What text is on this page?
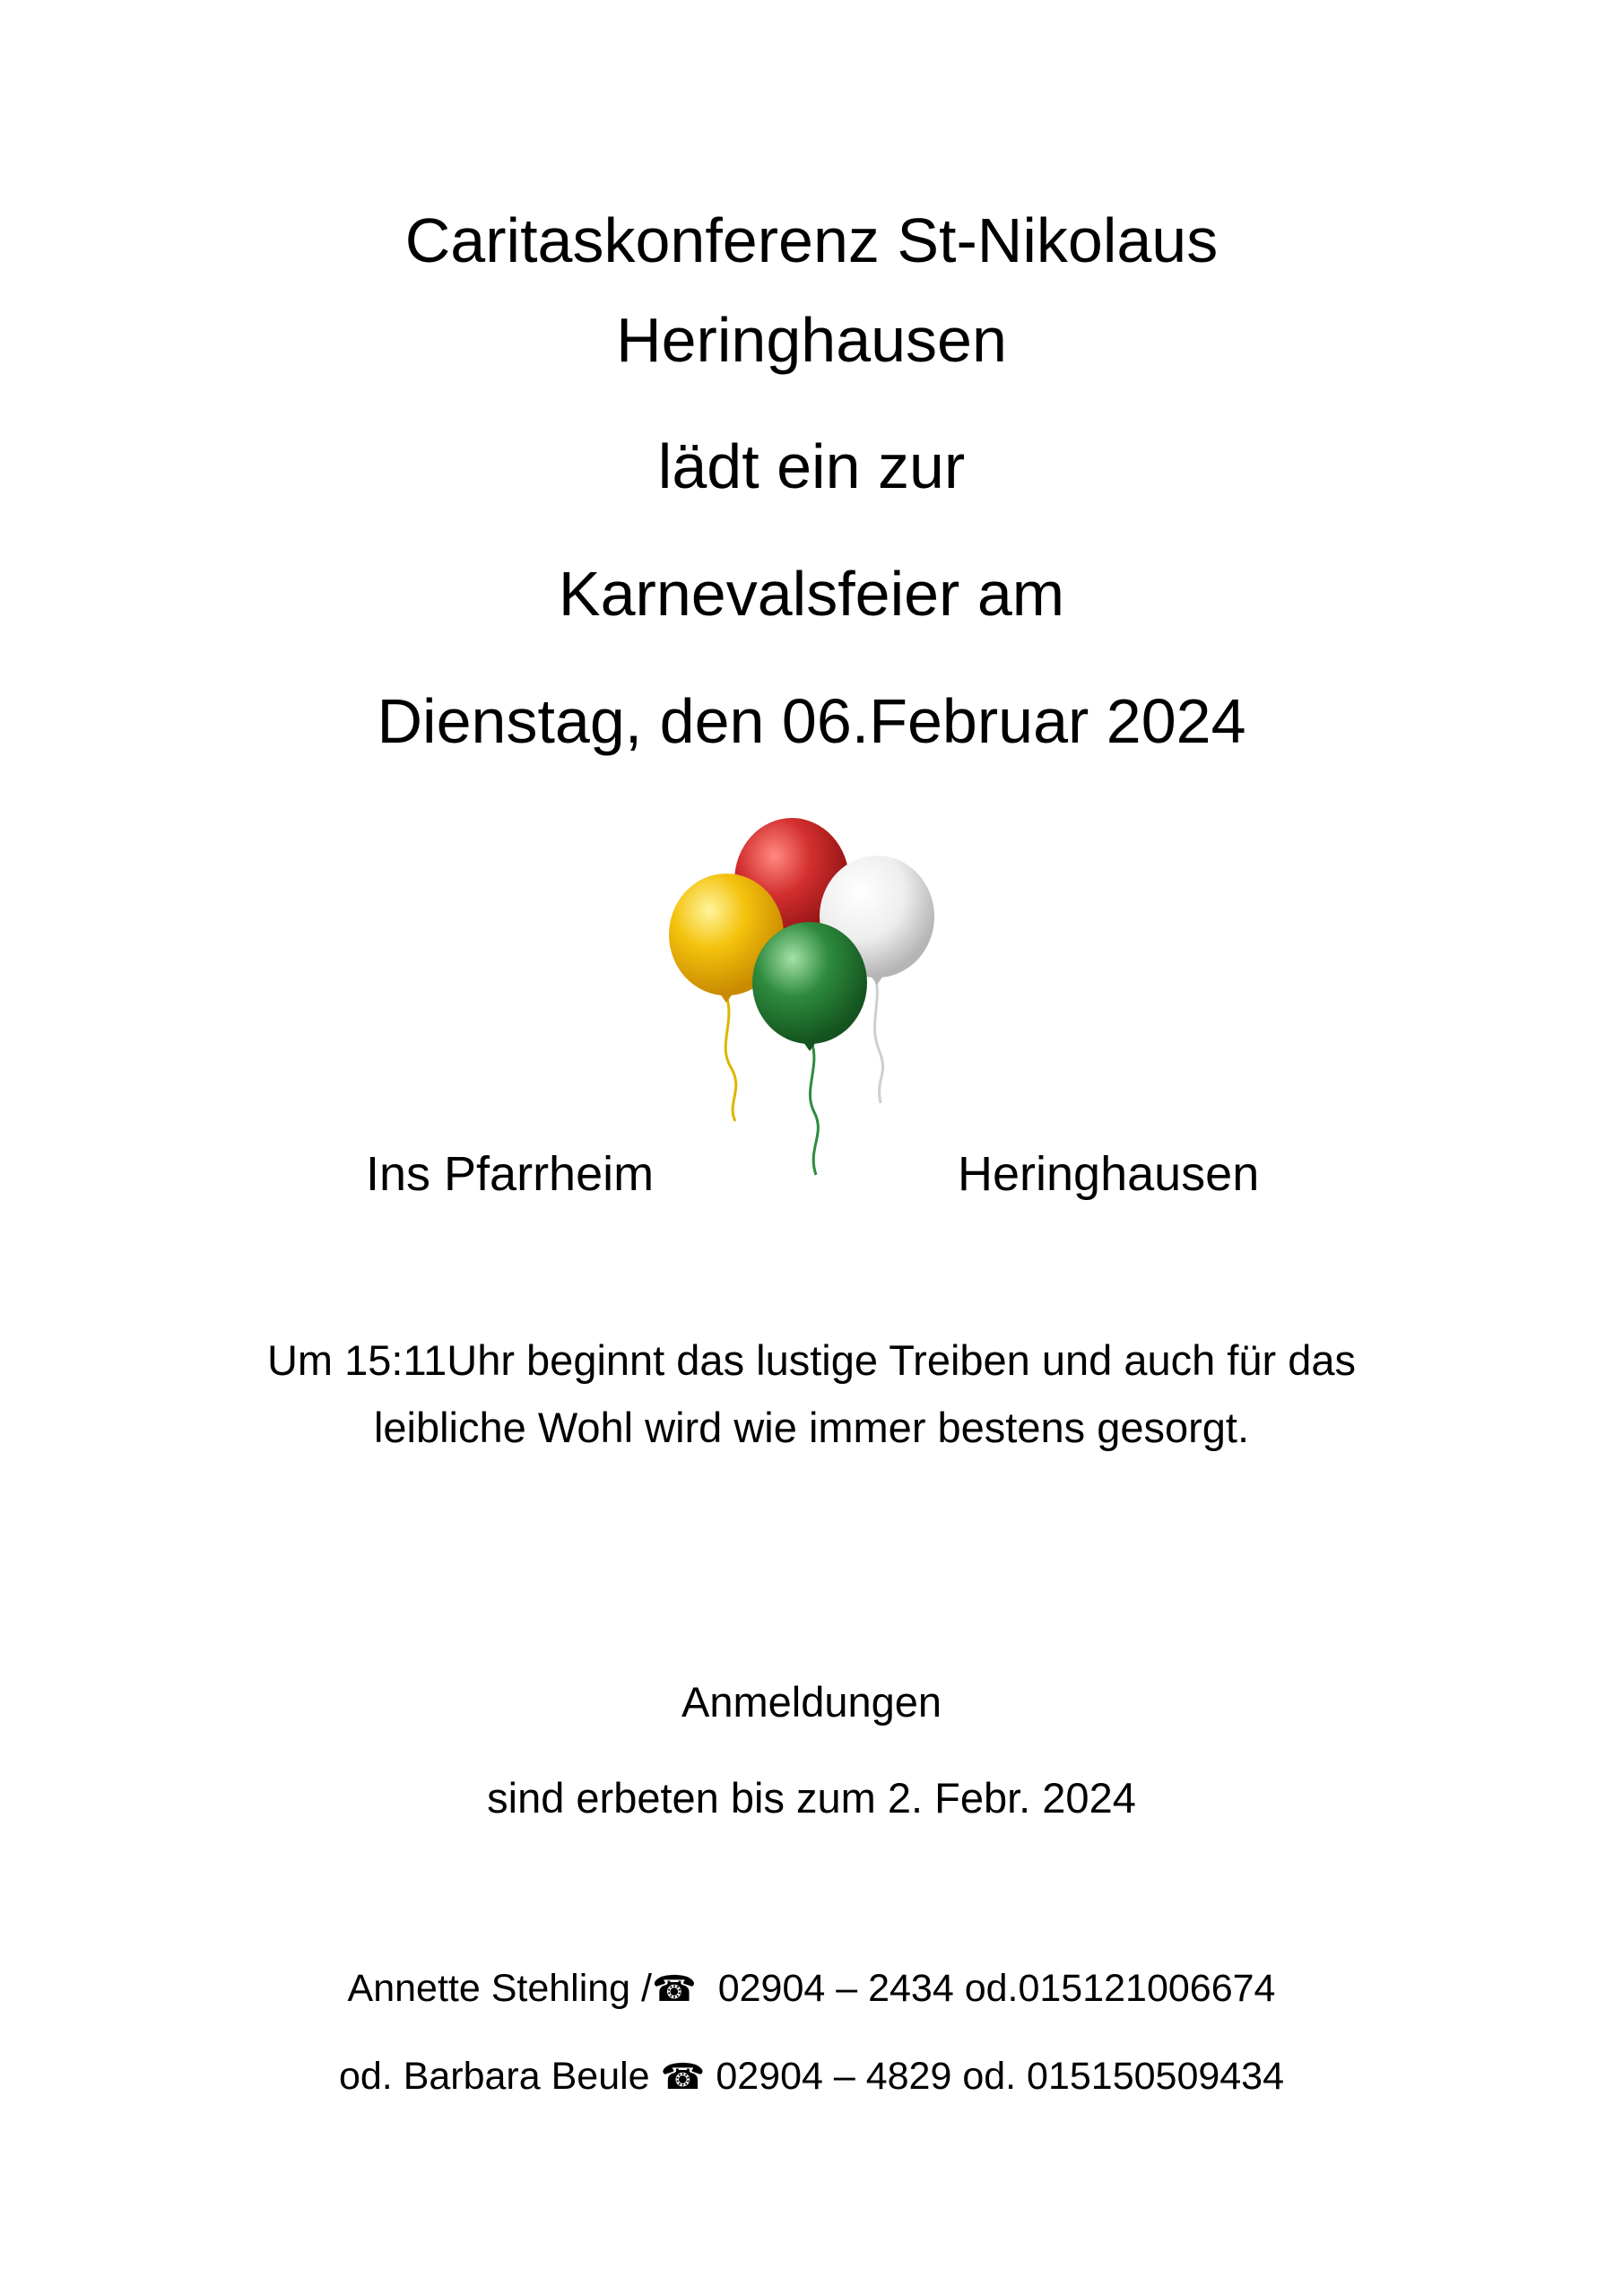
Caritaskonferenz St-Nikolaus
Heringhausen
lädt ein zur
Karnevalsfeier am
Dienstag, den 06.Februar 2024
Ins Pfarrheim	Heringhausen
Um 15:11Uhr beginnt das lustige Treiben und auch für das
leibliche Wohl wird wie immer bestens gesorgt.
Anmeldungen
sind erbeten bis zum 2. Febr. 2024
Annette Stehling /☎ 02904 – 2434 od.015121006674
od. Barbara Beule ☎ 02904 – 4829 od. 015150509434
